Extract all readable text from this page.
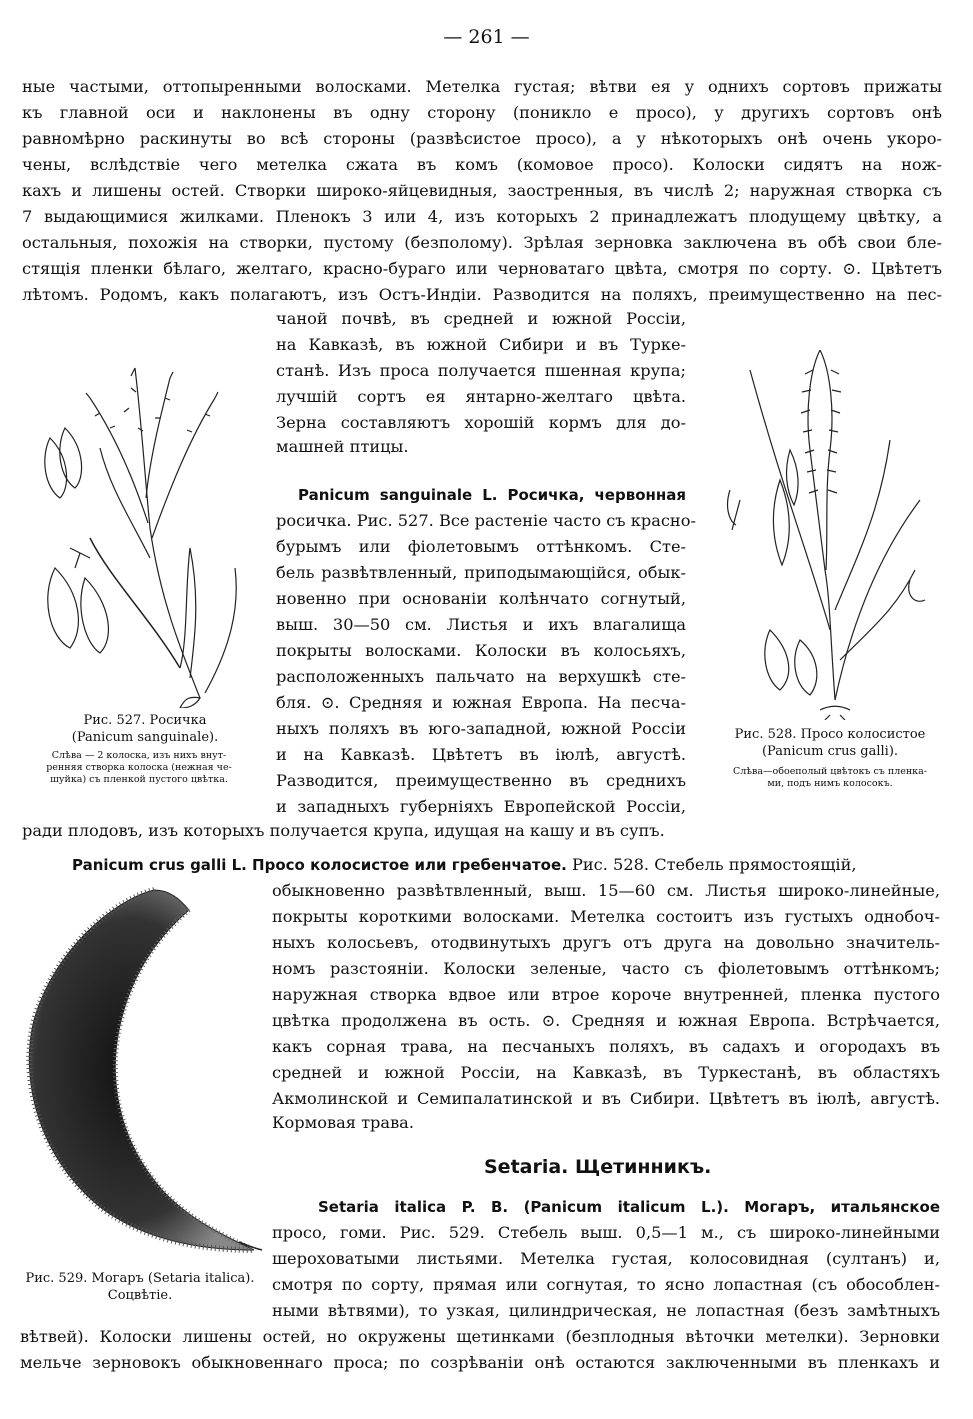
— 261 —
ные частыми, оттопыренными волосками. Метелка густая; вѣтви ея у однихъ сортовъ прижаты
къ главной оси и наклонены въ одну сторону (поникло е просо), у другихъ сортовъ онѣ
равномѣрно раскинуты во всѣ стороны (развѣсистое просо), а у нѣкоторыхъ онѣ очень укоро-
чены, вслѣдствіе чего метелка сжата въ комъ (комовое просо). Колоски сидятъ на нож-
кахъ и лишены остей. Створки широко-яйцевидныя, заостренныя, въ числѣ 2; наружная створка съ
7 выдающимися жилками. Пленокъ 3 или 4, изъ которыхъ 2 принадлежатъ плодущему цвѣтку, а
остальныя, похожія на створки, пустому (безполому). Зрѣлая зерновка заключена въ обѣ свои бле-
стящія пленки бѣлаго, желтаго, красно-бураго или черноватаго цвѣта, смотря по сорту. ⊙. Цвѣтетъ
лѣтомъ. Родомъ, какъ полагаютъ, изъ Остъ-Индіи. Разводится на поляхъ, преимущественно на пес-
чаной почвѣ, въ средней и южной Россіи,
на Кавказѣ, въ южной Сибири и въ Турке-
станѣ. Изъ проса получается пшенная крупа;
лучшій сортъ ея янтарно-желтаго цвѣта.
Зерна составляютъ хорошій кормъ для до-
машней птицы.
Panicum sanguinale L. Росичка, червонная
росичка. Рис. 527. Все растеніе часто съ красно-
бурымъ или фіолетовымъ оттѣнкомъ. Сте-
бель развѣтвленный, приподымающійся, обык-
новенно при основаніи колѣнчато согнутый,
выш. 30—50 см. Листья и ихъ влагалища
покрыты волосками. Колоски въ колосьяхъ,
расположенныхъ пальчато на верхушкѣ сте-
бля. ⊙. Средняя и южная Европа. На песча-
ныхъ поляхъ въ юго-западной, южной Россіи
и на Кавказѣ. Цвѣтетъ въ іюлѣ, августѣ.
Разводится, преимущественно въ среднихъ
и западныхъ губерніяхъ Европейской Россіи,
ради плодовъ, изъ которыхъ получается крупа, идущая на кашу и въ супъ.
Рис. 527. Росичка
(Panicum sanguinale).
Слѣва — 2 колоска, изъ нихъ внут-
ренняя створка колоска (нежная че-
шуйка) съ пленкой пустого цвѣтка.
Рис. 528. Просо колосистое
(Panicum crus galli).
Слѣва—обоеполый цвѣтокъ съ пленка-
ми, подъ нимъ колосокъ.
Panicum crus galli L. Просо колосистое или гребенчатое. Рис. 528. Стебель прямостоящій,
обыкновенно развѣтвленный, выш. 15—60 см. Листья широко-линейные,
покрыты короткими волосками. Метелка состоитъ изъ густыхъ однобоч-
ныхъ колосьевъ, отодвинутыхъ другъ отъ друга на довольно значитель-
номъ разстояніи. Колоски зеленые, часто съ фіолетовымъ оттѣнкомъ;
наружная створка вдвое или втрое короче внутренней, пленка пустого
цвѣтка продолжена въ ость. ⊙. Средняя и южная Европа. Встрѣчается,
какъ сорная трава, на песчаныхъ поляхъ, въ садахъ и огородахъ въ
средней и южной Россіи, на Кавказѣ, въ Туркестанѣ, въ областяхъ
Акмолинской и Семипалатинской и въ Сибири. Цвѣтетъ въ іюлѣ, августѣ.
Кормовая трава.
Рис. 529. Могаръ (Setaria italica).
Соцвѣтіе.
Setaria. Щетинникъ.
Setaria italica P. B. (Panicum italicum L.). Могаръ, итальянское
просо, гоми. Рис. 529. Стебель выш. 0,5—1 м., съ широко-линейными
шероховатыми листьями. Метелка густая, колосовидная (султанъ) и,
смотря по сорту, прямая или согнутая, то ясно лопастная (съ обособлен-
ными вѣтвями), то узкая, цилиндрическая, не лопастная (безъ замѣтныхъ
вѣтвей). Колоски лишены остей, но окружены щетинками (безплодныя вѣточки метелки). Зерновки
мельче зерновокъ обыкновеннаго проса; по созрѣваніи онѣ остаются заключенными въ пленкахъ и
